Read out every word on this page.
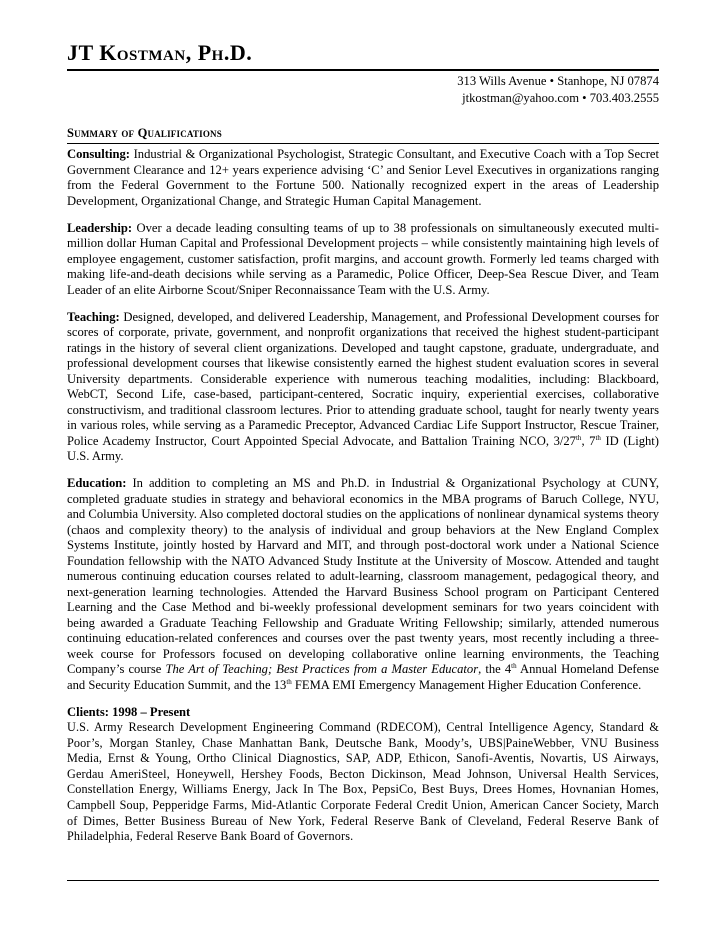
JT Kostman, Ph.D.
313 Wills Avenue • Stanhope, NJ 07874
jtkostman@yahoo.com • 703.403.2555
Summary of Qualifications

Consulting: Industrial & Organizational Psychologist, Strategic Consultant, and Executive Coach with a Top Secret Government Clearance and 12+ years experience advising ‘C’ and Senior Level Executives in organizations ranging from the Federal Government to the Fortune 500. Nationally recognized expert in the areas of Leadership Development, Organizational Change, and Strategic Human Capital Management.

Leadership: Over a decade leading consulting teams of up to 38 professionals on simultaneously executed multi-million dollar Human Capital and Professional Development projects – while consistently maintaining high levels of employee engagement, customer satisfaction, profit margins, and account growth. Formerly led teams charged with making life-and-death decisions while serving as a Paramedic, Police Officer, Deep-Sea Rescue Diver, and Team Leader of an elite Airborne Scout/Sniper Reconnaissance Team with the U.S. Army.

Teaching: Designed, developed, and delivered Leadership, Management, and Professional Development courses for scores of corporate, private, government, and nonprofit organizations that received the highest student-participant ratings in the history of several client organizations. Developed and taught capstone, graduate, undergraduate, and professional development courses that likewise consistently earned the highest student evaluation scores in several University departments. Considerable experience with numerous teaching modalities, including: Blackboard, WebCT, Second Life, case-based, participant-centered, Socratic inquiry, experiential exercises, collaborative constructivism, and traditional classroom lectures. Prior to attending graduate school, taught for nearly twenty years in various roles, while serving as a Paramedic Preceptor, Advanced Cardiac Life Support Instructor, Rescue Trainer, Police Academy Instructor, Court Appointed Special Advocate, and Battalion Training NCO, 3/27th, 7th ID (Light) U.S. Army.

Education: In addition to completing an MS and Ph.D. in Industrial & Organizational Psychology at CUNY, completed graduate studies in strategy and behavioral economics in the MBA programs of Baruch College, NYU, and Columbia University. Also completed doctoral studies on the applications of nonlinear dynamical systems theory (chaos and complexity theory) to the analysis of individual and group behaviors at the New England Complex Systems Institute, jointly hosted by Harvard and MIT, and through post-doctoral work under a National Science Foundation fellowship with the NATO Advanced Study Institute at the University of Moscow. Attended and taught numerous continuing education courses related to adult-learning, classroom management, pedagogical theory, and next-generation learning technologies. Attended the Harvard Business School program on Participant Centered Learning and the Case Method and bi-weekly professional development seminars for two years coincident with being awarded a Graduate Teaching Fellowship and Graduate Writing Fellowship; similarly, attended numerous continuing education-related conferences and courses over the past twenty years, most recently including a three-week course for Professors focused on developing collaborative online learning environments, the Teaching Company’s course The Art of Teaching; Best Practices from a Master Educator, the 4th Annual Homeland Defense and Security Education Summit, and the 13th FEMA EMI Emergency Management Higher Education Conference.

Clients: 1998 – Present

U.S. Army Research Development Engineering Command (RDECOM), Central Intelligence Agency, Standard & Poor’s, Morgan Stanley, Chase Manhattan Bank, Deutsche Bank, Moody’s, UBS|PaineWebber, VNU Business Media, Ernst & Young, Ortho Clinical Diagnostics, SAP, ADP, Ethicon, Sanofi-Aventis, Novartis, US Airways, Gerdau AmeriSteel, Honeywell, Hershey Foods, Becton Dickinson, Mead Johnson, Universal Health Services, Constellation Energy, Williams Energy, Jack In The Box, PepsiCo, Best Buys, Drees Homes, Hovnanian Homes, Campbell Soup, Pepperidge Farms, Mid-Atlantic Corporate Federal Credit Union, American Cancer Society, March of Dimes, Better Business Bureau of New York, Federal Reserve Bank of Cleveland, Federal Reserve Bank of Philadelphia, Federal Reserve Bank Board of Governors.
